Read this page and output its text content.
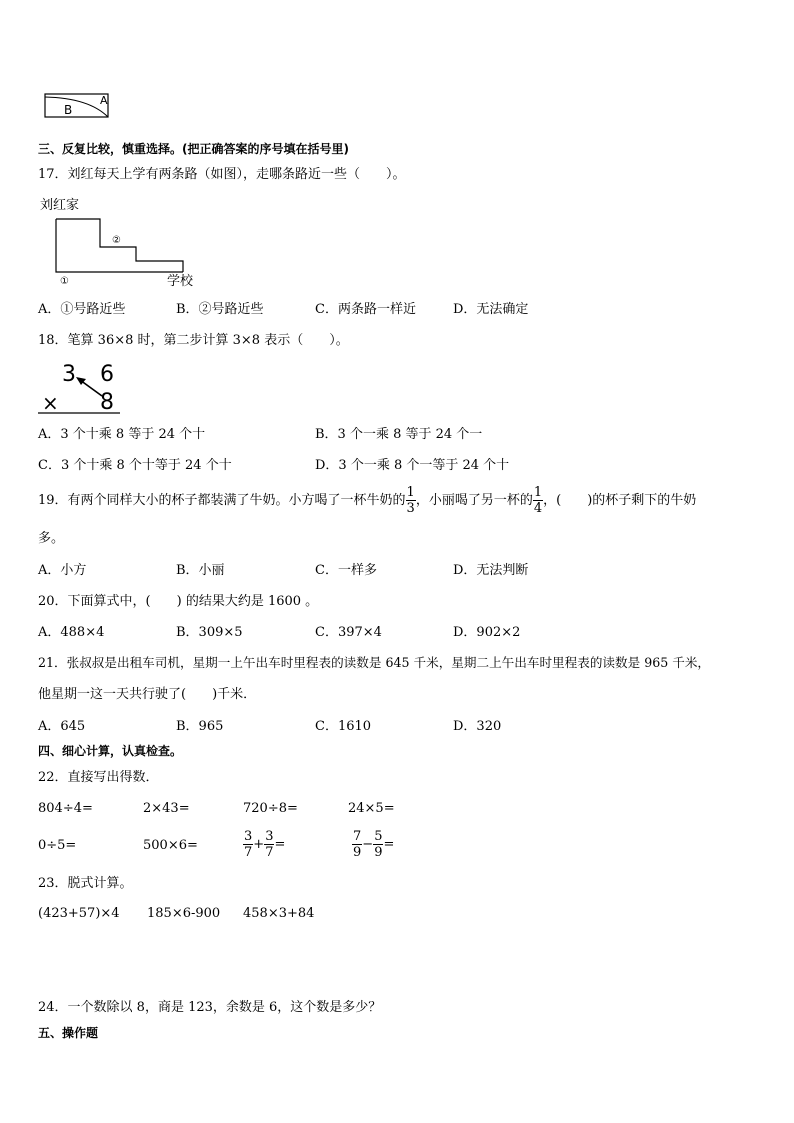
B
A
三、反复比较，慎重选择。(把正确答案的序号填在括号里)
17．刘红每天上学有两条路（如图），走哪条路近一些（　　）。
刘红家
②
①	学校
A．①号路近些	B．②号路近些	C．两条路一样近	D．无法确定
18．笔算 36×8 时，第二步计算 3×8 表示（　　）。
3 6
× 8
A．3 个十乘 8 等于 24 个十	B．3 个一乘 8 等于 24 个一
C．3 个十乘 8 个十等于 24 个十	D．3 个一乘 8 个一等于 24 个十
19．有两个同样大小的杯子都装满了牛奶。小方喝了一杯牛奶的 $\frac{1}{3}$ ，小丽喝了另一杯的 $\frac{1}{4}$ ，(　　)的杯子剩下的牛奶
多。
A．小方	B．小丽	C．一样多	D．无法判断
20．下面算式中，(　　) 的结果大约是 1600 。
A．488×4	B．309×5	C．397×4	D．902×2
21．张叔叔是出租车司机，星期一上午出车时里程表的读数是 645 千米，星期二上午出车时里程表的读数是 965 千米，
他星期一这一天共行驶了(　　)千米．
A．645	B．965	C．1610	D．320
四、细心计算，认真检查。
22．直接写出得数．
804÷4=	2×43=	720÷8=	24×5=
0÷5=	500×6=	$\frac{3}{7} + \frac{3}{7}$ =	$\frac{7}{9} - \frac{5}{9}$ =
23．脱式计算。
(423+57)×4 185×6-900 458×3+84
24．一个数除以 8，商是 123，余数是 6，这个数是多少？
五、操作题
